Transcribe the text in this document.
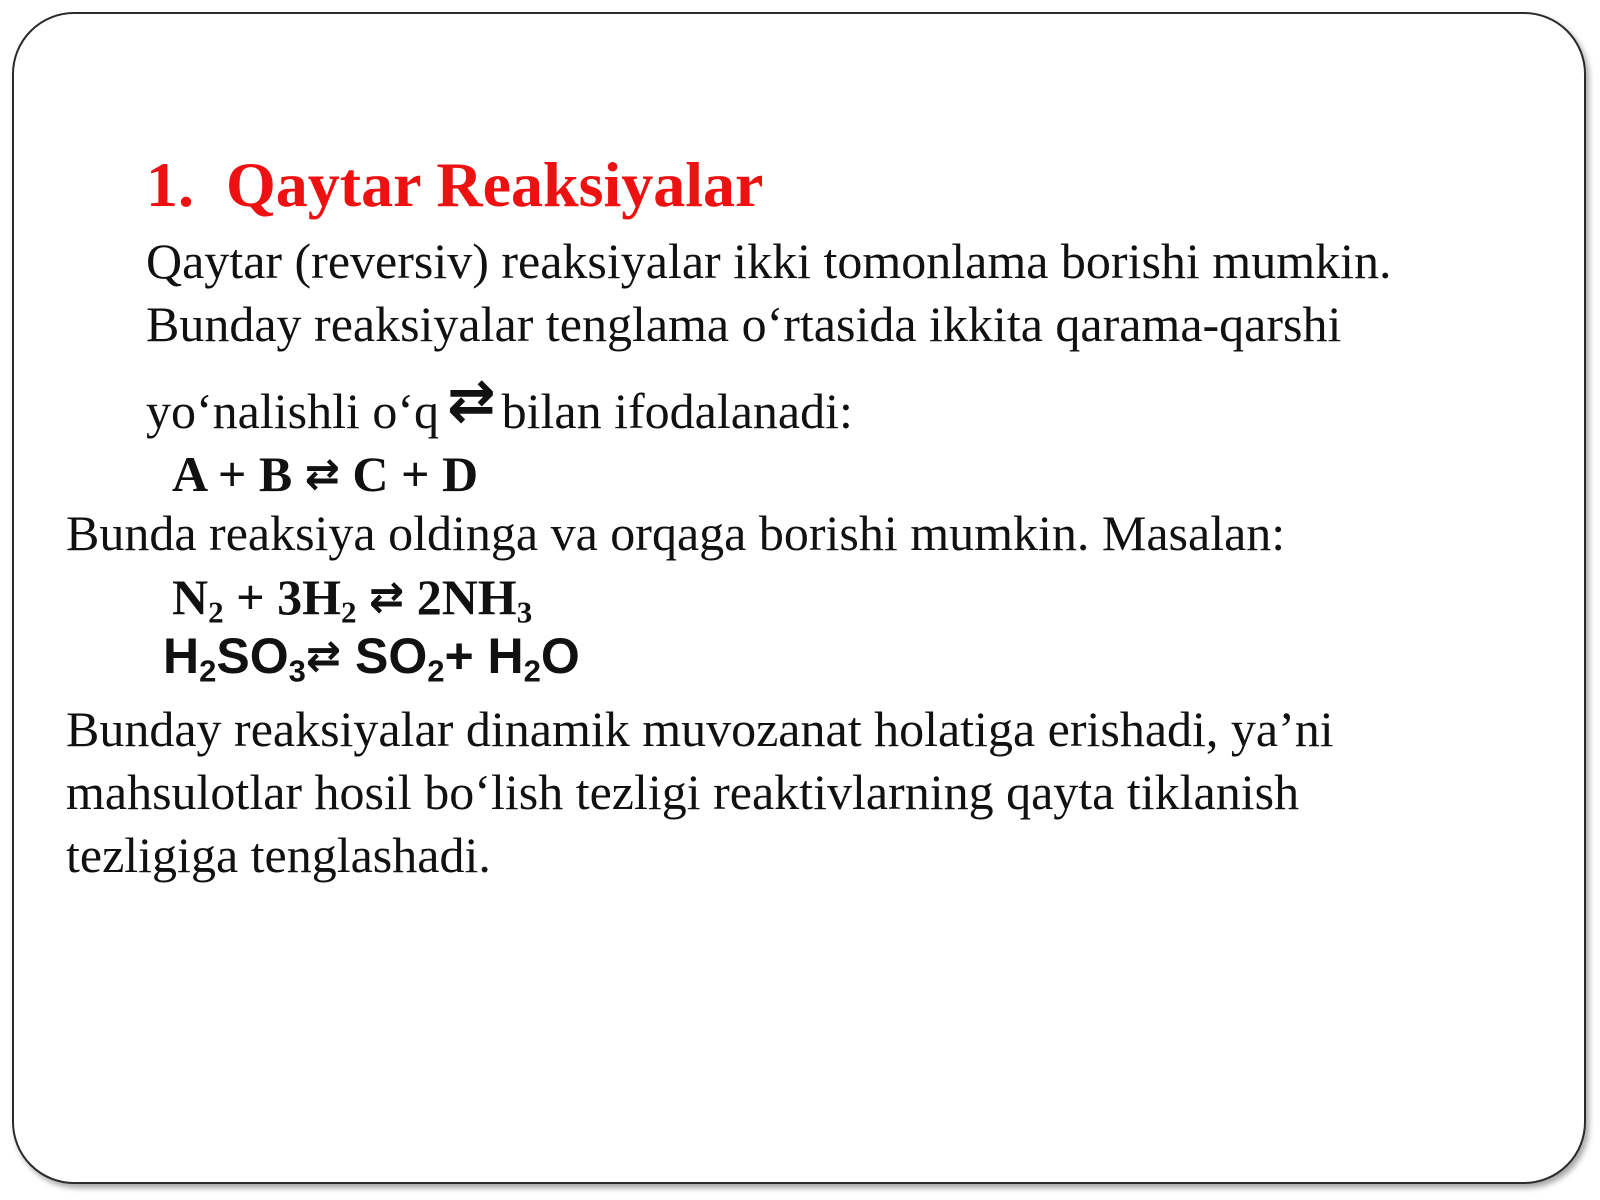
1. Qaytar Reaksiyalar

Qaytar (reversiv) reaksiyalar ikki tomonlama borishi mumkin.

Bunday reaksiyalar tenglama o‘rtasida ikkita qarama-qarshi

yo‘nalishli o‘q ⇄ bilan ifodalanadi:

A + B ⇄ C + D

Bunda reaksiya oldinga va orqaga borishi mumkin. Masalan:

$N_2 + 3H_2$ ⇄ $2NH_3$
$H_2SO_3⇄$ $SO_2+ H_2O$

Bunday reaksiyalar dinamik muvozanat holatiga erishadi, ya’ni

mahsulotlar hosil bo‘lish tezligi reaktivlarning qayta tiklanish

tezligiga tenglashadi.
